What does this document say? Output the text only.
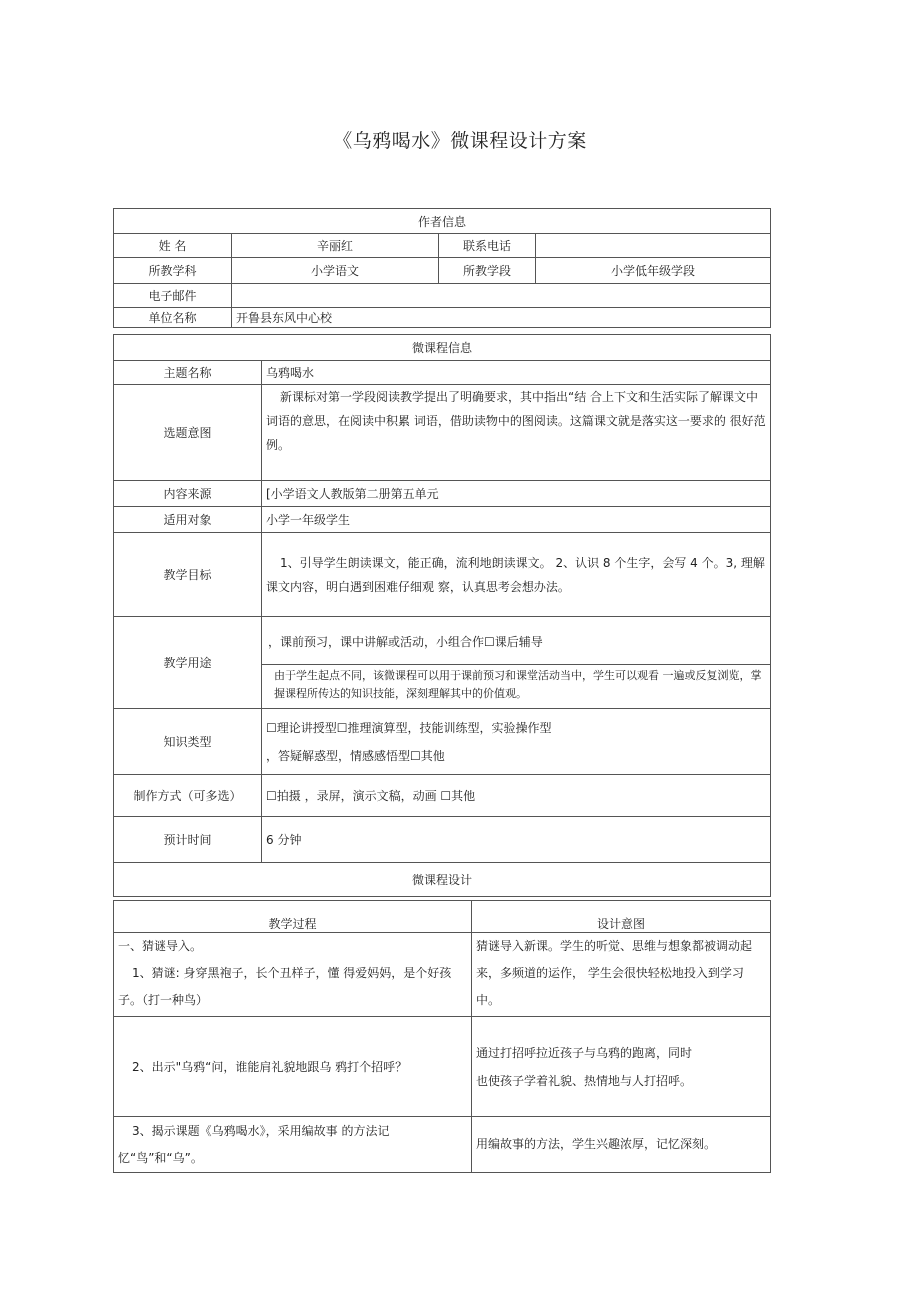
《乌鸦喝水》微课程设计方案
作者信息			
姓 名	辛丽红	联系电话	
所教学科	小学语文	所教学段	小学低年级学段
电子邮件			
单位名称	开鲁县东风中心校		
微课程信息	
主题名称	乌鸦喝水
选题意图	新课标对第一学段阅读教学提出了明确要求，其中指出“结 合上下文和生活实际了解课文中词语的意思，在阅读中积累 词语，借助读物中的图阅读。这篇课文就是落实这一要求的 很好范例。
内容来源	[小学语文人教版第二册第五单元
适用对象	小学一年级学生
教学目标	1、引导学生朗读课文，能正确，流利地朗读课文。 2、认识 8 个生字，会写 4 个。3, 理解课文内容，明白遇到困难仔细观 察，认真思考会想办法。
教学用途	，课前预习，课中讲解或活动，小组合作☐课后辅导
由于学生起点不同，该微课程可以用于课前预习和课堂活动当中，学生可以观看 一遍或反复浏览，掌握课程所传达的知识技能，深刻理解其中的价值观。

知识类型	☐理论讲授型☐推理演算型，技能训练型，实验操作型
，答疑解惑型，情感感悟型☐其他

制作方式（可多选）	☐拍摄 ，录屏，演示文稿，动画 ☐其他
预计时间	6 分钟
微课程设计	
教学过程	设计意图

一、猜谜导入。
1、猜谜: 身穿黑袍子，长个丑样子，懂 得爱妈妈，是个好孩子。（打一种鸟）	猜谜导入新课。学生的听觉、思维与想象都被调动起来，多频道的运作， 学生会很快轻松地投入到学习中。
2、出示"乌鸦“问，谁能肩礼貌地跟乌 鸦打个招呼？	通过打招呼拉近孩子与乌鸦的跑离，同时
也使孩子学着礼貌、热情地与人打招呼。

3、揭示课题《乌鸦喝水》，采用编故事 的方法记忆“鸟”和“乌”。	用编故事的方法，学生兴趣浓厚，记忆深刻。
